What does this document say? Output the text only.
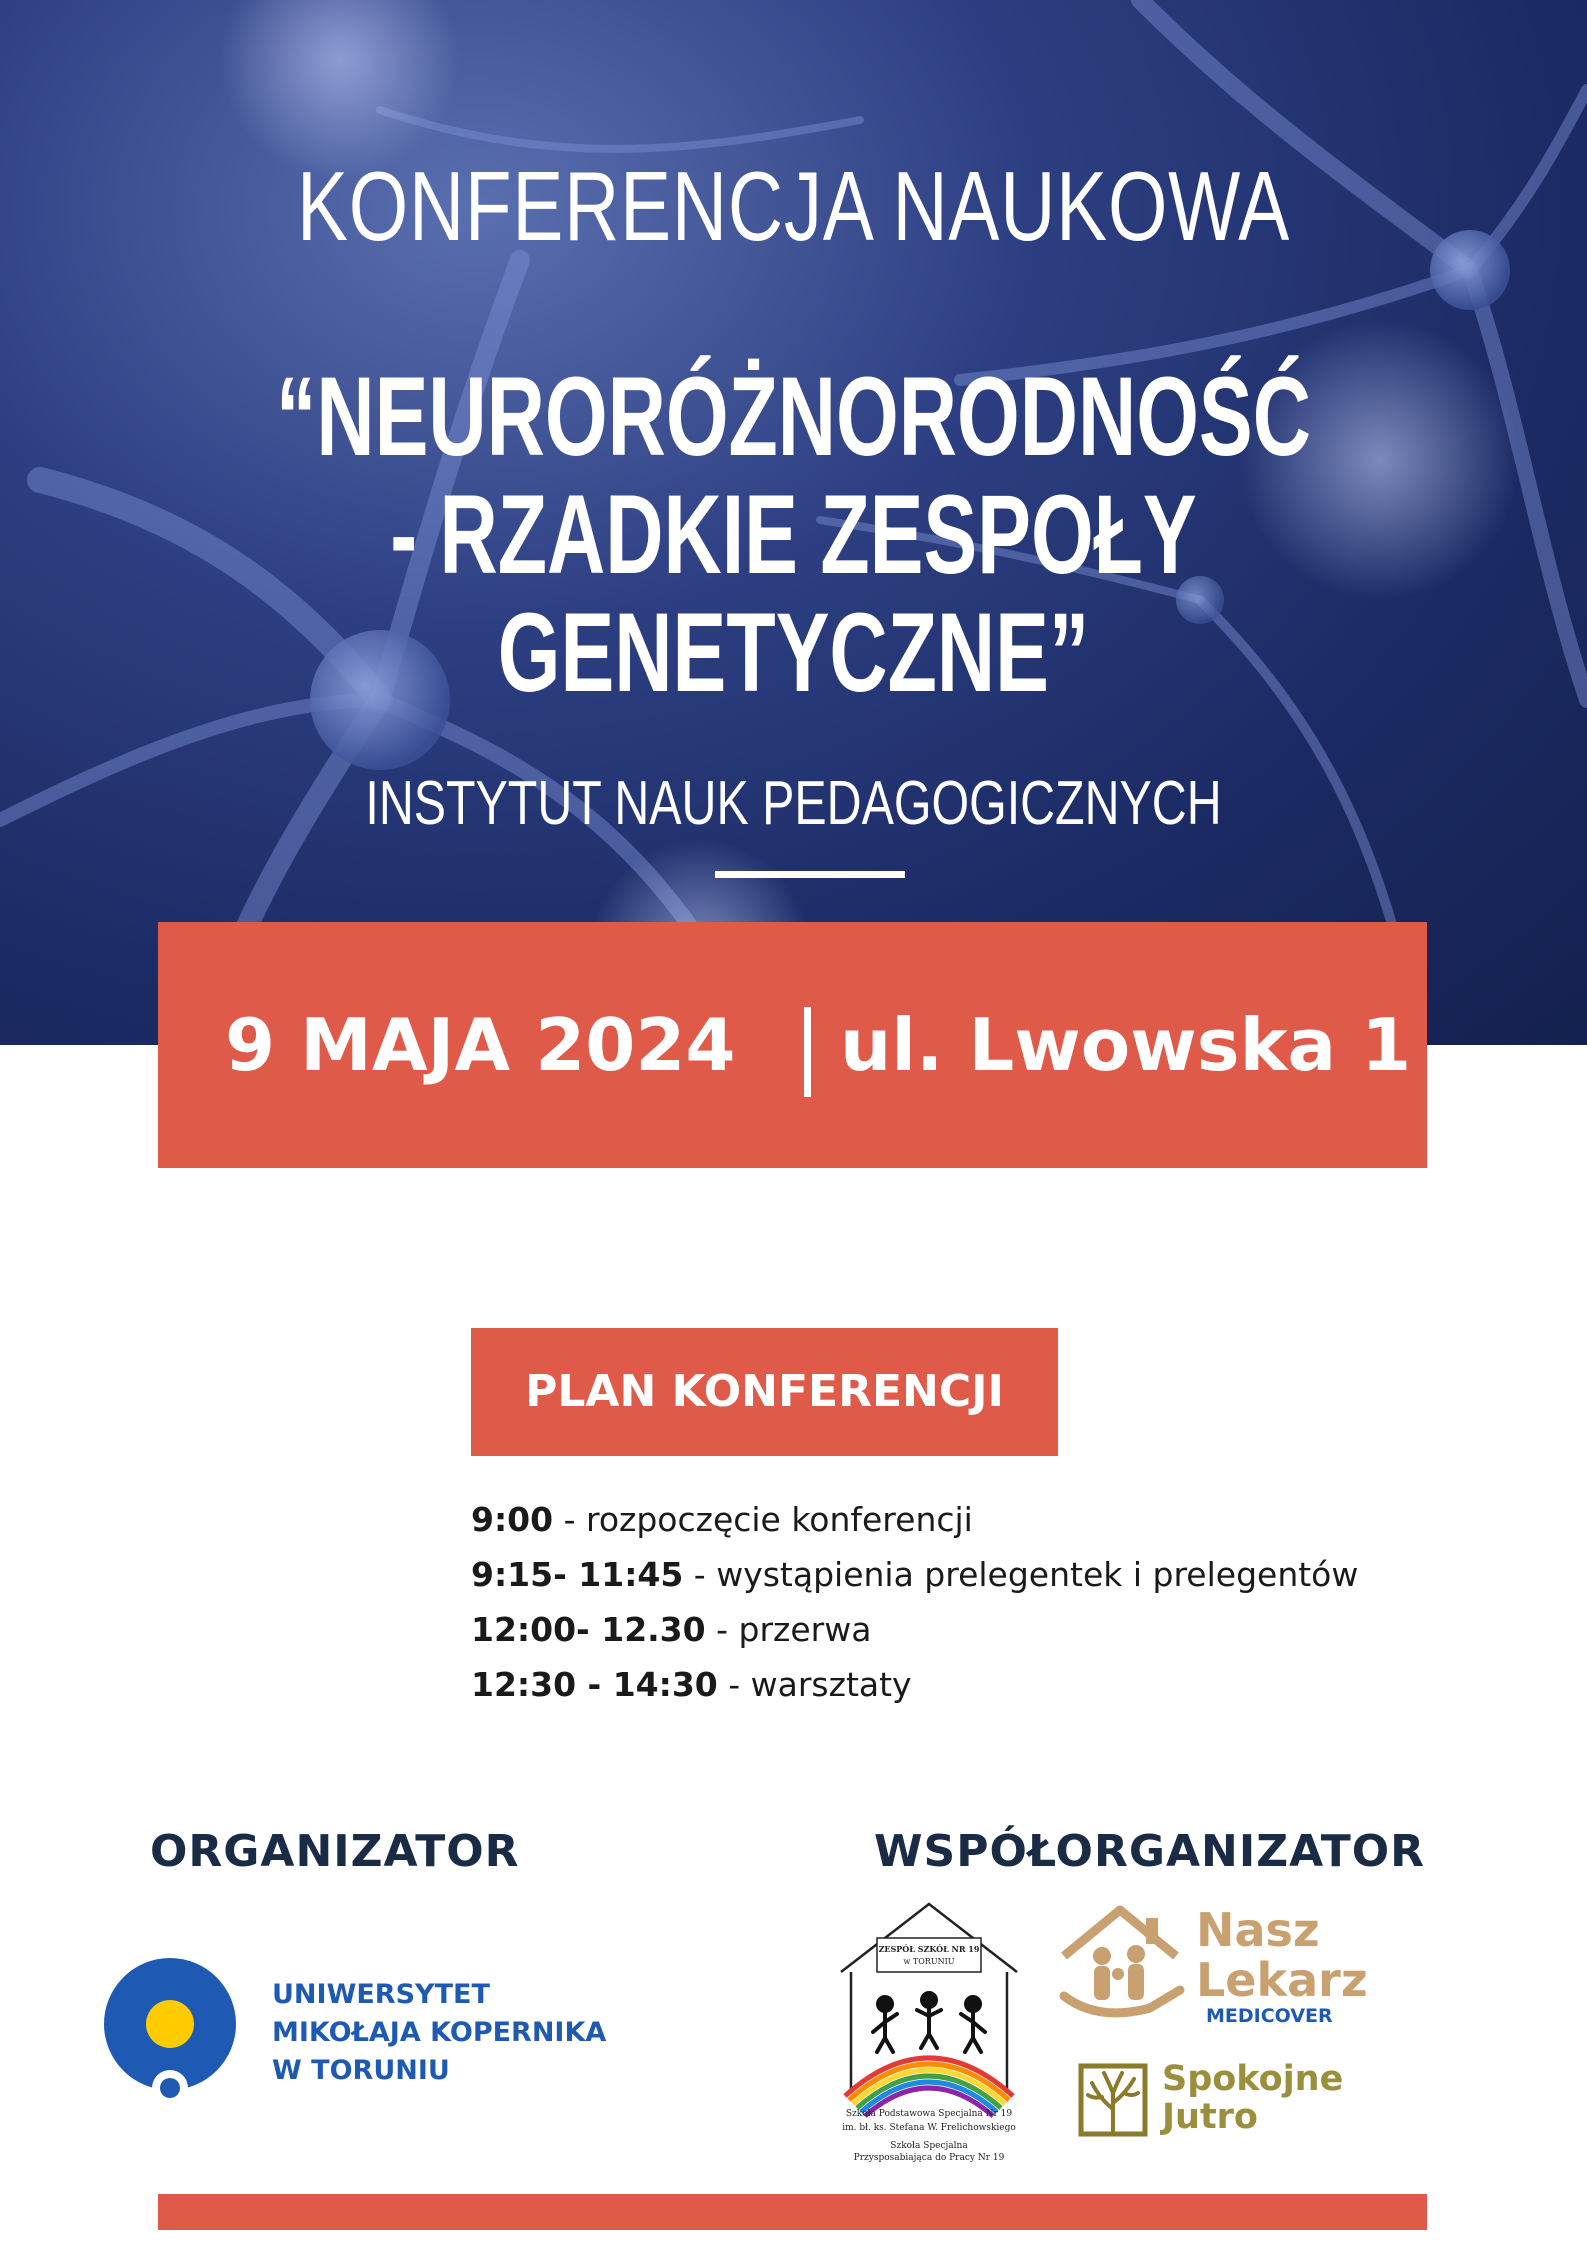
KONFERENCJA NAUKOWA
“NEURORÓŻNORODNOŚĆ
- RZADKIE ZESPOŁY
GENETYCZNE”
INSTYTUT NAUK PEDAGOGICZNYCH
9 MAJA 2024 ul. Lwowska 1
PLAN KONFERENCJI
9:00 - rozpoczęcie konferencji
9:15- 11:45 - wystąpienia prelegentek i prelegentów
12:00- 12.30 - przerwa
12:30 - 14:30 - warsztaty
ORGANIZATOR	WSPÓŁORGANIZATOR
UNIWERSYTET
MIKOŁAJA KOPERNIKA
W TORUNIU
ZESPÓŁ SZKÓŁ NR 19
w TORUNIU
Szkoła Podstawowa Specjalna Nr 19
im. bł. ks. Stefana W. Frelichowskiego
Szkoła Specjalna
Przysposabiająca do Pracy Nr 19
Nasz
Lekarz
MEDICOVER
Spokojne
Jutro
